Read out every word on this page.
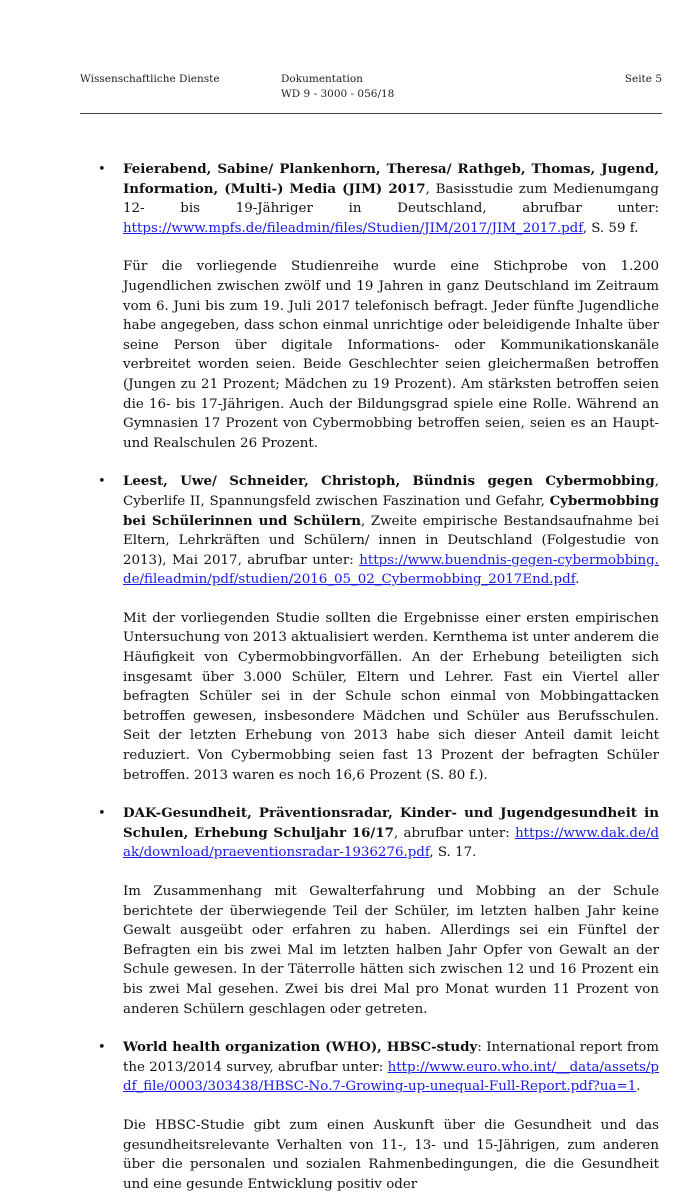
Wissenschaftliche Dienste	Dokumentation
WD 9 - 3000 - 056/18
Seite 5
• Feierabend, Sabine/ Plankenhorn, Theresa/ Rathgeb, Thomas, Jugend, Information, (Multi-) Media (JIM) 2017, Basisstudie zum Medienumgang 12- bis 19-Jähriger in Deutschland, abrufbar unter: https://www.mpfs.de/fileadmin/files/Studien/JIM/2017/JIM_2017.pdf, S. 59 f.
Für die vorliegende Studienreihe wurde eine Stichprobe von 1.200 Jugendlichen zwischen zwölf und 19 Jahren in ganz Deutschland im Zeitraum vom 6. Juni bis zum 19. Juli 2017 telefonisch befragt. Jeder fünfte Jugendliche habe angegeben, dass schon einmal unrichtige oder beleidigende Inhalte über seine Person über digitale Informations- oder Kommunikationskanäle verbreitet worden seien. Beide Geschlechter seien gleichermaßen betroffen (Jungen zu 21 Prozent; Mädchen zu 19 Prozent). Am stärksten betroffen seien die 16- bis 17-Jährigen. Auch der Bildungsgrad spiele eine Rolle. Während an Gymnasien 17 Prozent von Cybermobbing betroffen seien, seien es an Haupt- und Realschulen 26 Prozent.
• Leest, Uwe/ Schneider, Christoph, Bündnis gegen Cybermobbing, Cyberlife II, Spannungsfeld zwischen Faszination und Gefahr, Cybermobbing bei Schülerinnen und Schülern, Zweite empirische Bestandsaufnahme bei Eltern, Lehrkräften und Schülern/ innen in Deutschland (Folgestudie von 2013), Mai 2017, abrufbar unter: https://www.buendnis-gegen-cybermobbing.de/fileadmin/pdf/studien/2016_05_02_Cybermobbing_2017End.pdf.
Mit der vorliegenden Studie sollten die Ergebnisse einer ersten empirischen Untersuchung von 2013 aktualisiert werden. Kernthema ist unter anderem die Häufigkeit von Cybermobbingvorfällen. An der Erhebung beteiligten sich insgesamt über 3.000 Schüler, Eltern und Lehrer. Fast ein Viertel aller befragten Schüler sei in der Schule schon einmal von Mobbingattacken betroffen gewesen, insbesondere Mädchen und Schüler aus Berufsschulen. Seit der letzten Erhebung von 2013 habe sich dieser Anteil damit leicht reduziert. Von Cybermobbing seien fast 13 Prozent der befragten Schüler betroffen. 2013 waren es noch 16,6 Prozent (S. 80 f.).
• DAK-Gesundheit, Präventionsradar, Kinder- und Jugendgesundheit in Schulen, Erhebung Schuljahr 16/17, abrufbar unter: https://www.dak.de/dak/download/praeventionsradar-1936276.pdf, S. 17.
Im Zusammenhang mit Gewalterfahrung und Mobbing an der Schule berichtete der überwiegende Teil der Schüler, im letzten halben Jahr keine Gewalt ausgeübt oder erfahren zu haben. Allerdings sei ein Fünftel der Befragten ein bis zwei Mal im letzten halben Jahr Opfer von Gewalt an der Schule gewesen. In der Täterrolle hätten sich zwischen 12 und 16 Prozent ein bis zwei Mal gesehen. Zwei bis drei Mal pro Monat wurden 11 Prozent von anderen Schülern geschlagen oder getreten.
• World health organization (WHO), HBSC-study: International report from the 2013/2014 survey, abrufbar unter: http://www.euro.who.int/__data/assets/pdf_file/0003/303438/HBSC-No.7-Growing-up-unequal-Full-Report.pdf?ua=1.
Die HBSC-Studie gibt zum einen Auskunft über die Gesundheit und das gesundheitsrelevante Verhalten von 11-, 13- und 15-Jährigen, zum anderen über die personalen und sozialen Rahmenbedingungen, die die Gesundheit und eine gesunde Entwicklung positiv oder
